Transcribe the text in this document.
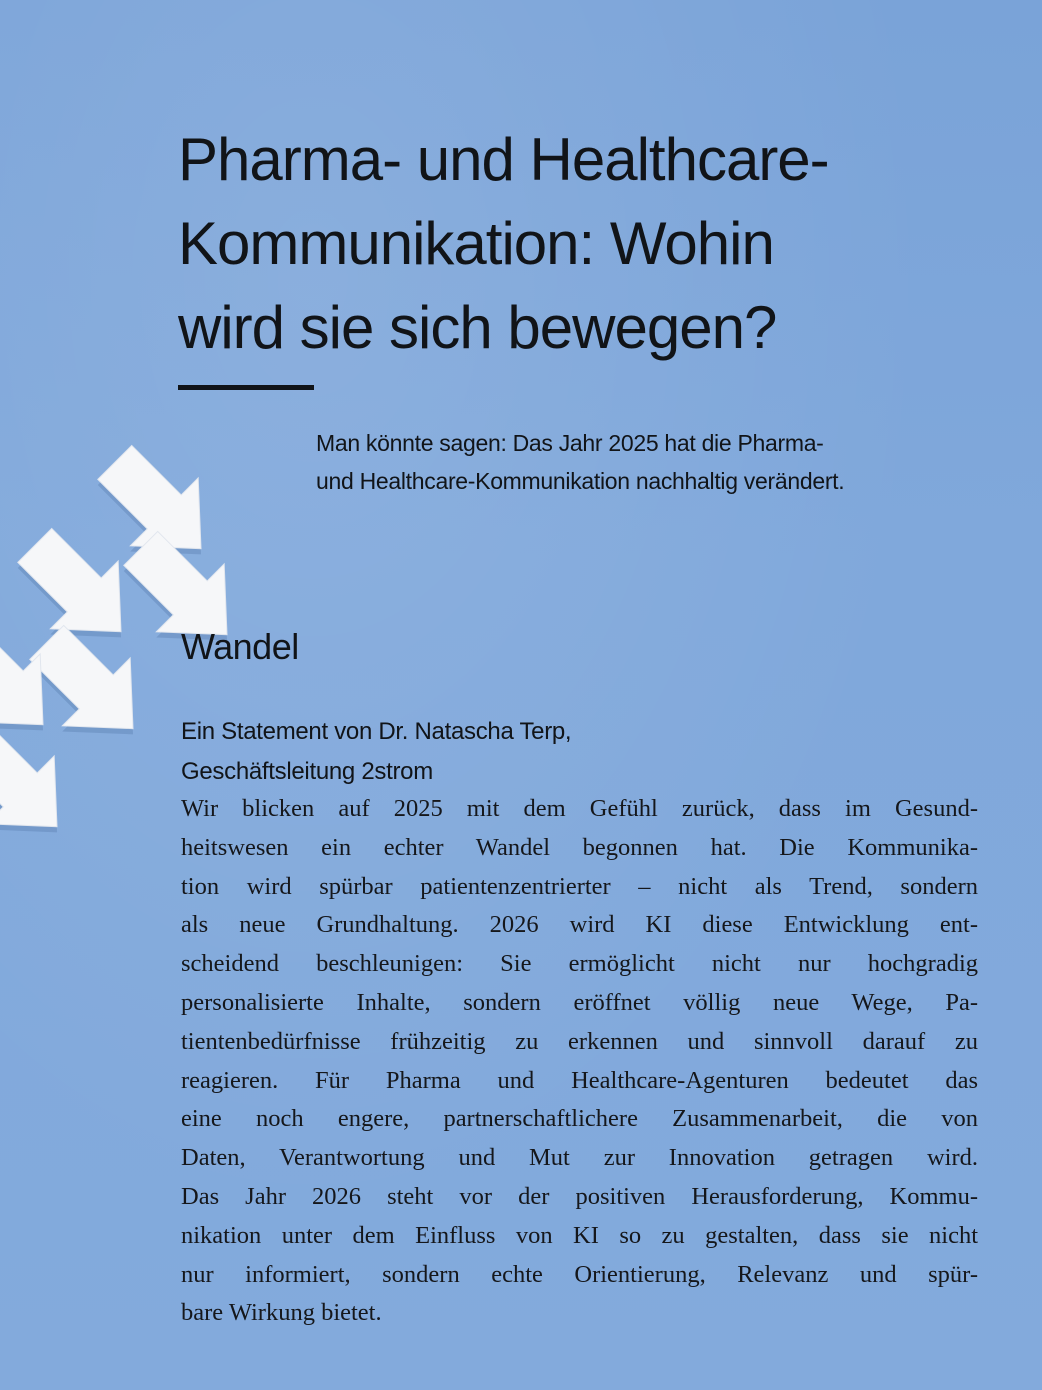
Pharma- und Healthcare-
Kommunikation: Wohin
wird sie sich bewegen?

Man könnte sagen: Das Jahr 2025 hat die Pharma-
und Healthcare-Kommunikation nachhaltig verändert.

Wandel

Ein Statement von Dr. Natascha Terp,
Geschäftsleitung 2strom

Wir blicken auf 2025 mit dem Gefühl zurück, dass im Gesund-
heitswesen ein echter Wandel begonnen hat. Die Kommunika-
tion wird spürbar patientenzentrierter – nicht als Trend, sondern
als neue Grundhaltung. 2026 wird KI diese Entwicklung ent-
scheidend beschleunigen: Sie ermöglicht nicht nur hochgradig
personalisierte Inhalte, sondern eröffnet völlig neue Wege, Pa-
tientenbedürfnisse frühzeitig zu erkennen und sinnvoll darauf zu
reagieren. Für Pharma und Healthcare-Agenturen bedeutet das
eine noch engere, partnerschaftlichere Zusammenarbeit, die von
Daten, Verantwortung und Mut zur Innovation getragen wird.
Das Jahr 2026 steht vor der positiven Herausforderung, Kommu-
nikation unter dem Einfluss von KI so zu gestalten, dass sie nicht
nur informiert, sondern echte Orientierung, Relevanz und spür-
bare Wirkung bietet.
